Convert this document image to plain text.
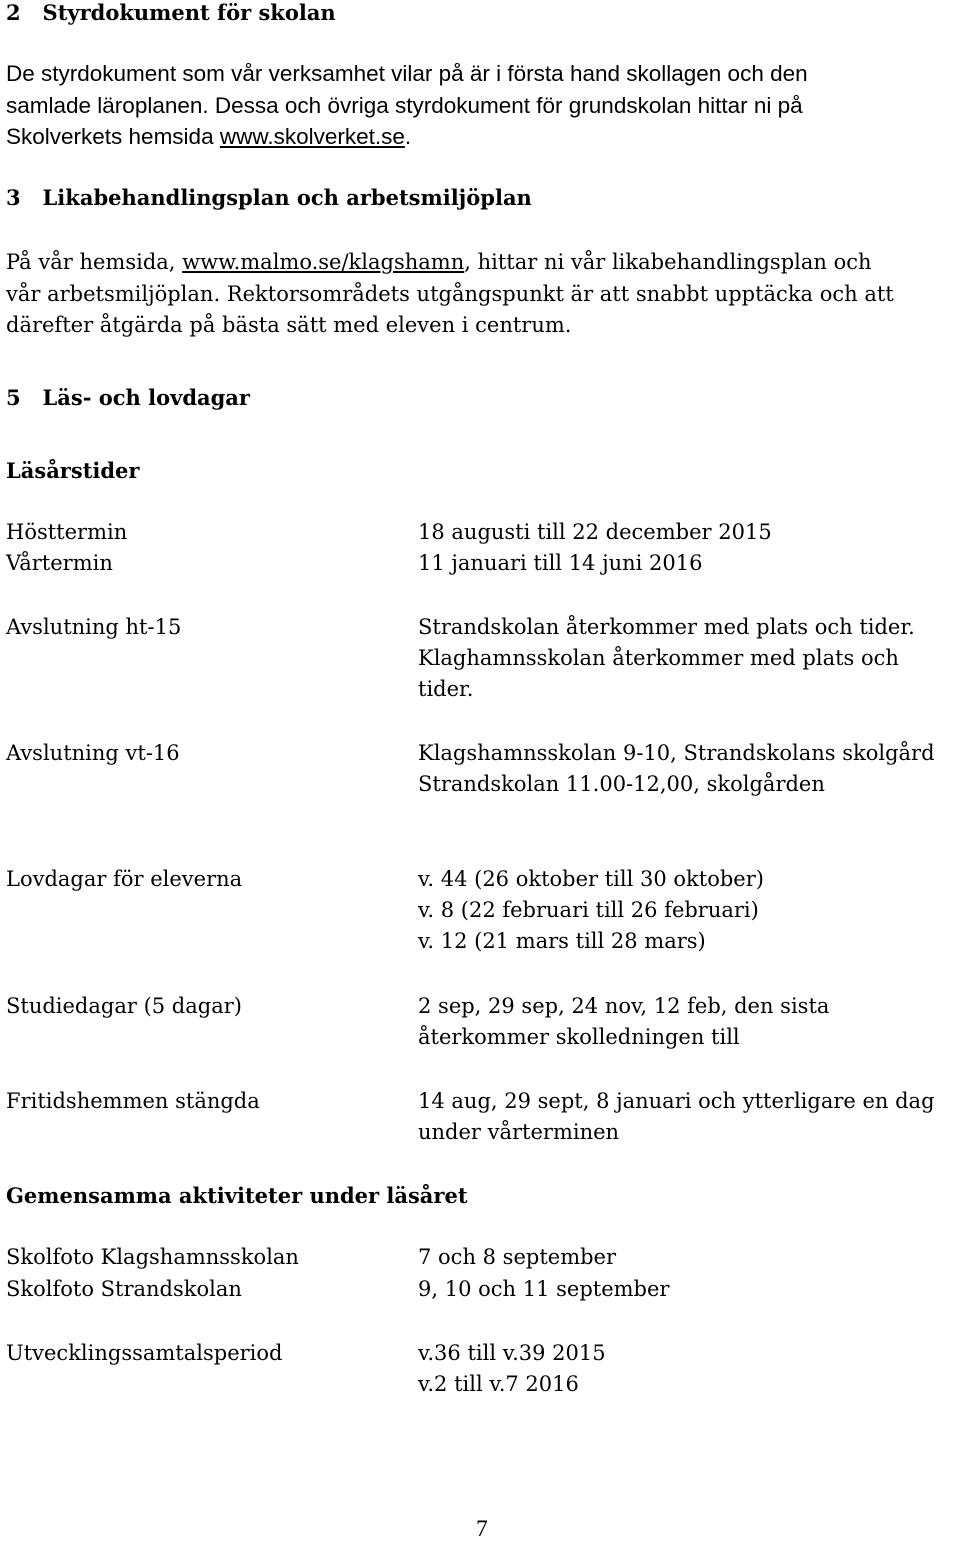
2   Styrdokument för skolan
De styrdokument som vår verksamhet vilar på är i första hand skollagen och den
samlade läroplanen. Dessa och övriga styrdokument för grundskolan hittar ni på
Skolverkets hemsida www.skolverket.se.
3   Likabehandlingsplan och arbetsmiljöplan
På vår hemsida, www.malmo.se/klagshamn, hittar ni vår likabehandlingsplan och
vår arbetsmiljöplan. Rektorsområdets utgångspunkt är att snabbt upptäcka och att
därefter åtgärda på bästa sätt med eleven i centrum.
5   Läs- och lovdagar
Läsårstider
Hösttermin	18 augusti till 22 december 2015
Vårtermin	11 januari till 14 juni 2016
Avslutning ht-15	Strandskolan återkommer med plats och tider.
Klaghamnsskolan återkommer med plats och
tider.
Avslutning vt-16	Klagshamnsskolan 9-10, Strandskolans skolgård
Strandskolan 11.00-12,00, skolgården
Lovdagar för eleverna	v. 44 (26 oktober till 30 oktober)
v. 8 (22 februari till 26 februari)
v. 12 (21 mars till 28 mars)
Studiedagar (5 dagar)	2 sep, 29 sep, 24 nov, 12 feb, den sista
återkommer skolledningen till
Fritidshemmen stängda	14 aug, 29 sept, 8 januari och ytterligare en dag
under vårterminen
Gemensamma aktiviteter under läsåret
Skolfoto Klagshamnsskolan	7 och 8 september
Skolfoto Strandskolan	9, 10 och 11 september
Utvecklingssamtalsperiod	v.36 till v.39 2015
v.2 till v.7 2016
7
